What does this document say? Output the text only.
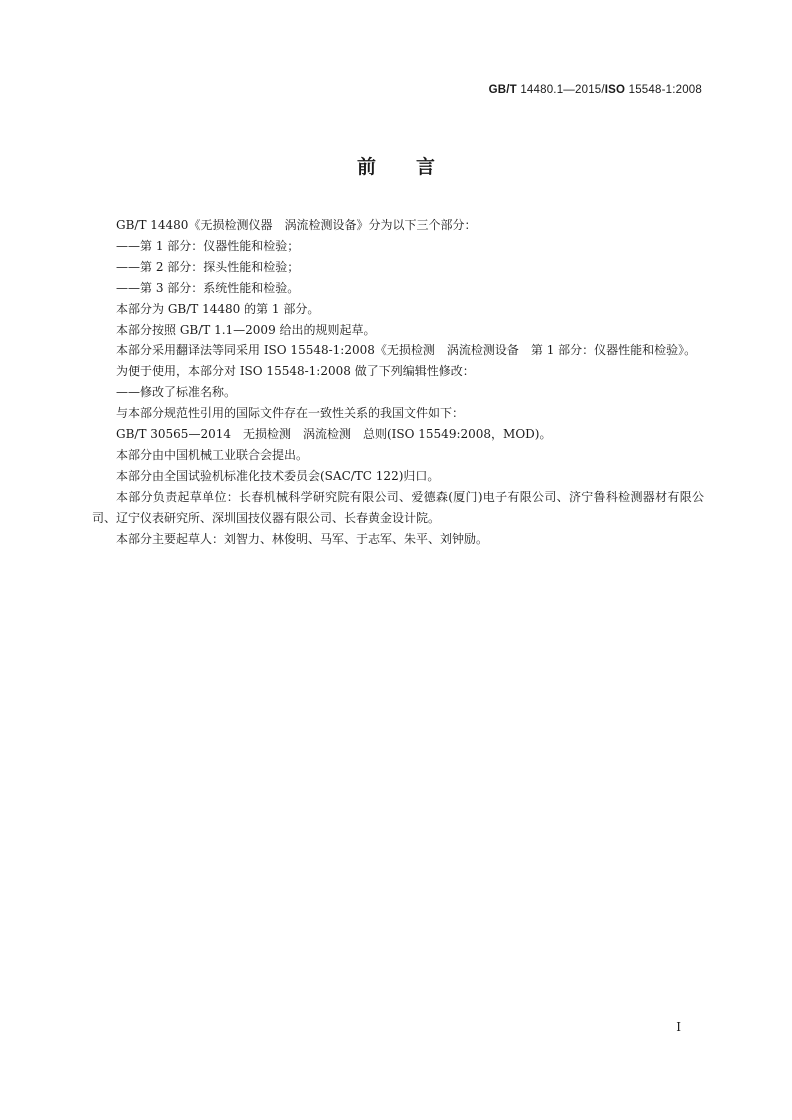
GB/T 14480.1—2015/ISO 15548-1:2008
前言

GB/T 14480《无损检测仪器　涡流检测设备》分为以下三个部分：

——第 1 部分：仪器性能和检验；

——第 2 部分：探头性能和检验；

——第 3 部分：系统性能和检验。

本部分为 GB/T 14480 的第 1 部分。

本部分按照 GB/T 1.1—2009 给出的规则起草。

本部分采用翻译法等同采用 ISO 15548-1:2008《无损检测　涡流检测设备　第 1 部分：仪器性能和检验》。

为便于使用，本部分对 ISO 15548-1:2008 做了下列编辑性修改：

——修改了标准名称。

与本部分规范性引用的国际文件存在一致性关系的我国文件如下：

GB/T 30565—2014　无损检测　涡流检测　总则(ISO 15549:2008，MOD)。

本部分由中国机械工业联合会提出。

本部分由全国试验机标准化技术委员会(SAC/TC 122)归口。

本部分负责起草单位：长春机械科学研究院有限公司、爱德森(厦门)电子有限公司、济宁鲁科检测器材有限公司、辽宁仪表研究所、深圳国技仪器有限公司、长春黄金设计院。

本部分主要起草人：刘智力、林俊明、马军、于志军、朱平、刘钟励。

I
